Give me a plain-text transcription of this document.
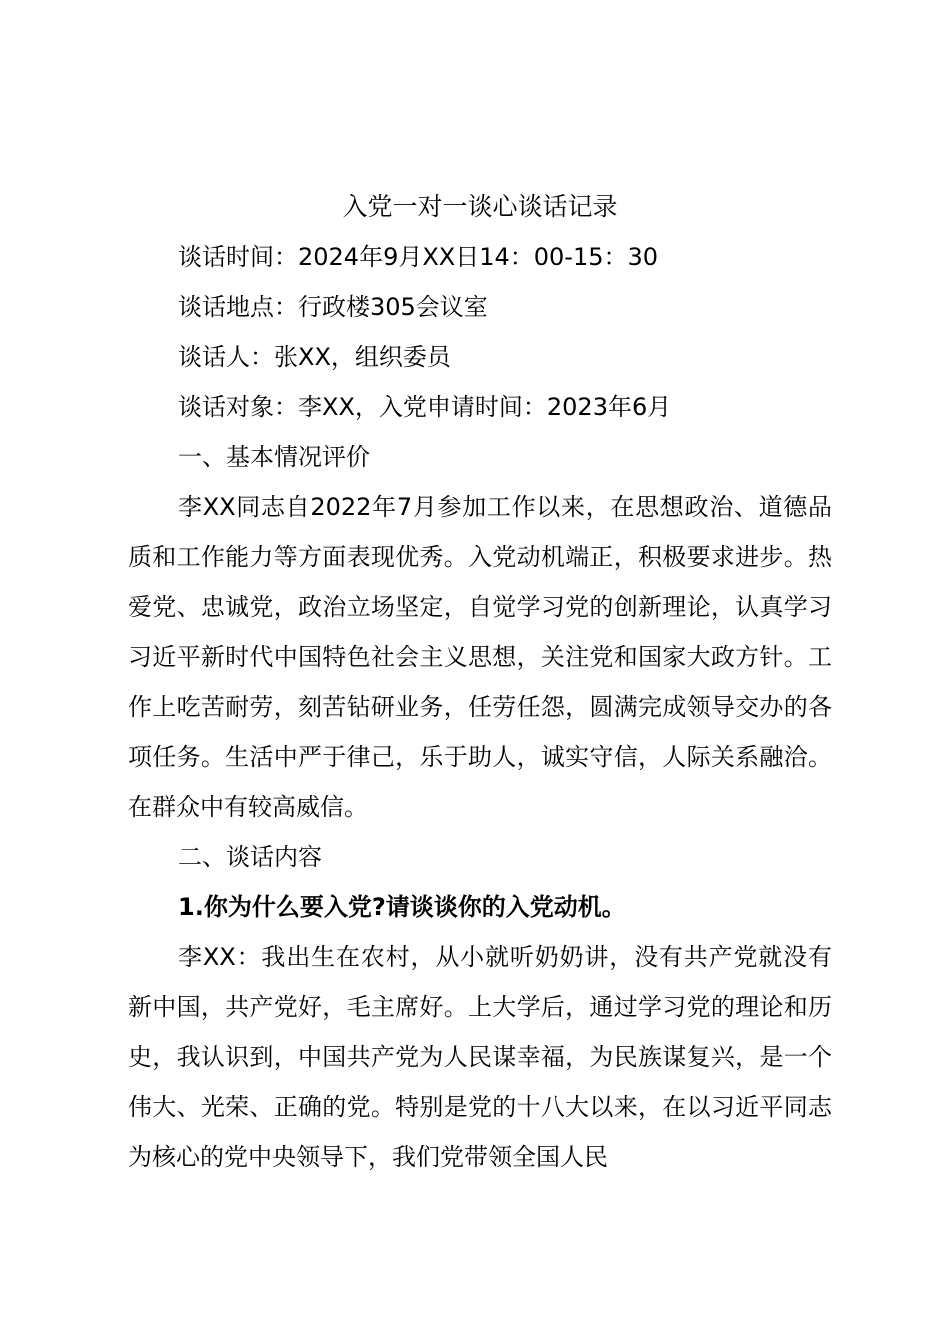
入党一对一谈心谈话记录

谈话时间：2024年9月XX日14：00-15：30

谈话地点：行政楼305会议室

谈话人：张XX，组织委员

谈话对象：李XX，入党申请时间：2023年6月

一、基本情况评价

李XX同志自2022年7月参加工作以来，在思想政治、道德品质和工作能力等方面表现优秀。入党动机端正，积极要求进步。热爱党、忠诚党，政治立场坚定，自觉学习党的创新理论，认真学习习近平新时代中国特色社会主义思想，关注党和国家大政方针。工作上吃苦耐劳，刻苦钻研业务，任劳任怨，圆满完成领导交办的各项任务。生活中严于律己，乐于助人，诚实守信，人际关系融洽。在群众中有较高威信。

二、谈话内容

1.你为什么要入党?请谈谈你的入党动机。

李XX：我出生在农村，从小就听奶奶讲，没有共产党就没有新中国，共产党好，毛主席好。上大学后，通过学习党的理论和历史，我认识到，中国共产党为人民谋幸福，为民族谋复兴，是一个伟大、光荣、正确的党。特别是党的十八大以来，在以习近平同志为核心的党中央领导下，我们党带领全国人民
